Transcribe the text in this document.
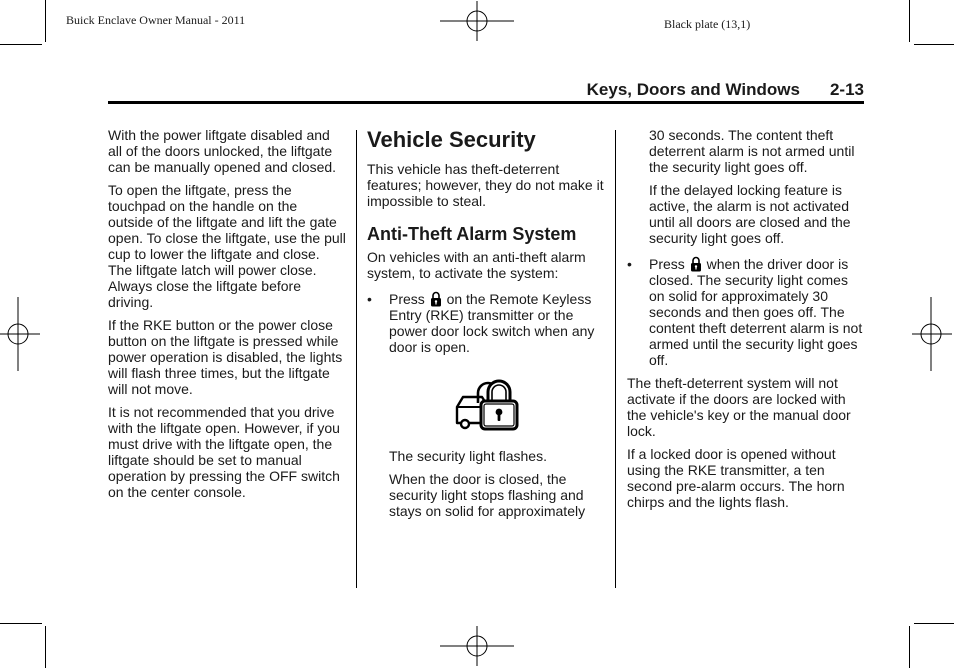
Buick Enclave Owner Manual - 2011	Black plate (13,1)
Keys, Doors and Windows 2-13

With the power liftgate disabled and all of the doors unlocked, the liftgate can be manually opened and closed.

To open the liftgate, press the touchpad on the handle on the outside of the liftgate and lift the gate open. To close the liftgate, use the pull cup to lower the liftgate and close. The liftgate latch will power close. Always close the liftgate before driving.

If the RKE button or the power close button on the liftgate is pressed while power operation is disabled, the lights will flash three times, but the liftgate will not move.

It is not recommended that you drive with the liftgate open. However, if you must drive with the liftgate open, the liftgate should be set to manual operation by pressing the OFF switch on the center console.

Vehicle Security

This vehicle has theft-deterrent features; however, they do not make it impossible to steal.

Anti-Theft Alarm System

On vehicles with an anti-theft alarm system, to activate the system:

• Press on the Remote Keyless Entry (RKE) transmitter or the power door lock switch when any door is open.

The security light flashes.

When the door is closed, the security light stops flashing and stays on solid for approximately

30 seconds. The content theft deterrent alarm is not armed until the security light goes off.

If the delayed locking feature is active, the alarm is not activated until all doors are closed and the security light goes off.

• Press when the driver door is closed. The security light comes on solid for approximately 30 seconds and then goes off. The content theft deterrent alarm is not armed until the security light goes off.

The theft-deterrent system will not activate if the doors are locked with the vehicle's key or the manual door lock.

If a locked door is opened without using the RKE transmitter, a ten second pre-alarm occurs. The horn chirps and the lights flash.
